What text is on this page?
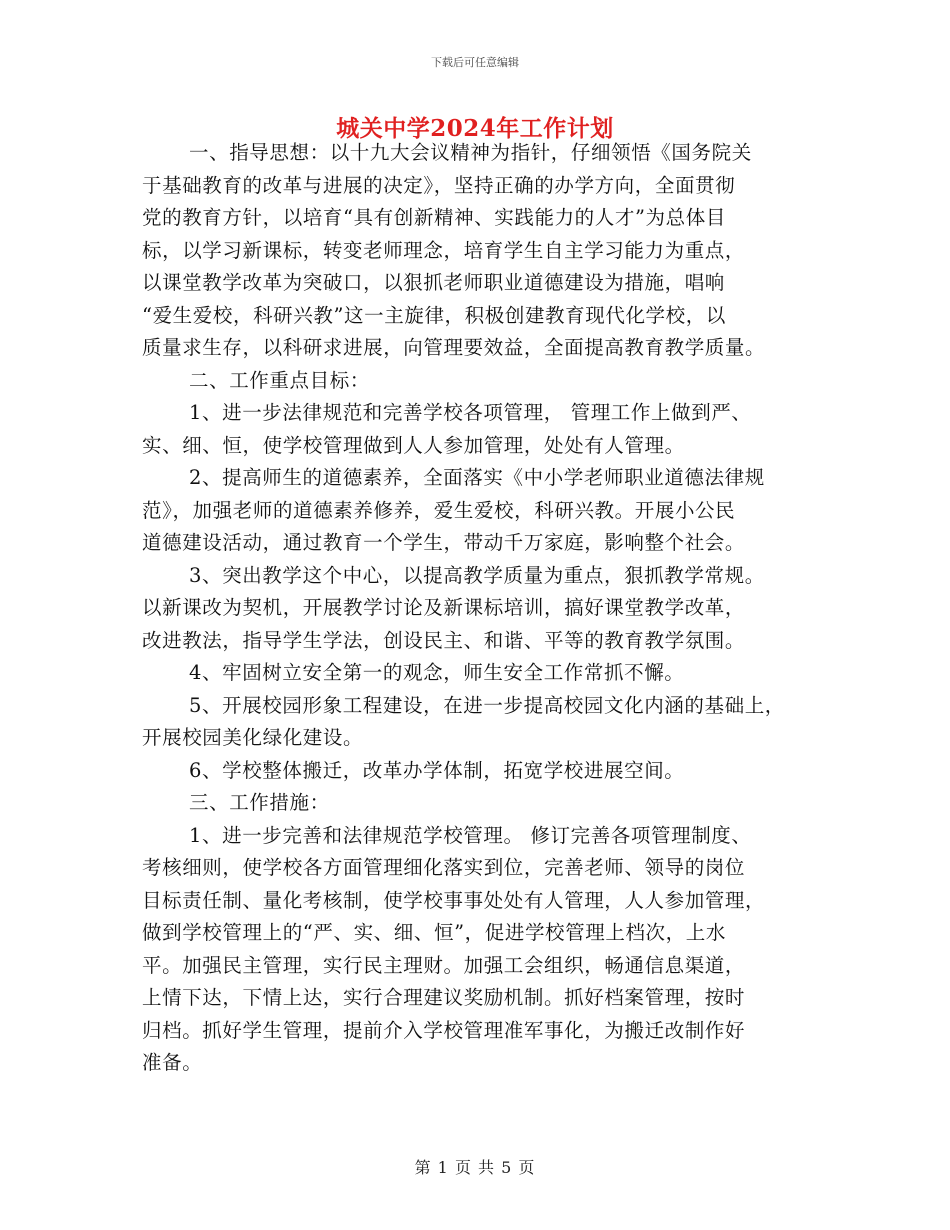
下载后可任意编辑
城关中学2024年工作计划
一、指导思想：以十九大会议精神为指针，仔细领悟《国务院关
于基础教育的改革与进展的决定》，坚持正确的办学方向，全面贯彻
党的教育方针，以培育“具有创新精神、实践能力的人才”为总体目
标，以学习新课标，转变老师理念，培育学生自主学习能力为重点，
以课堂教学改革为突破口，以狠抓老师职业道德建设为措施，唱响
“爱生爱校，科研兴教”这一主旋律，积极创建教育现代化学校，以
质量求生存，以科研求进展，向管理要效益，全面提高教育教学质量。
二、工作重点目标：
1、进一步法律规范和完善学校各项管理， 管理工作上做到严、
实、细、恒，使学校管理做到人人参加管理，处处有人管理。
2、提高师生的道德素养，全面落实《中小学老师职业道德法律规
范》，加强老师的道德素养修养，爱生爱校，科研兴教。开展小公民
道德建设活动，通过教育一个学生，带动千万家庭，影响整个社会。
3、突出教学这个中心，以提高教学质量为重点，狠抓教学常规。
以新课改为契机，开展教学讨论及新课标培训，搞好课堂教学改革，
改进教法，指导学生学法，创设民主、和谐、平等的教育教学氛围。
4、牢固树立安全第一的观念，师生安全工作常抓不懈。
5、开展校园形象工程建设，在进一步提高校园文化内涵的基础上，
开展校园美化绿化建设。
6、学校整体搬迁，改革办学体制，拓宽学校进展空间。
三、工作措施：
1、进一步完善和法律规范学校管理。 修订完善各项管理制度、
考核细则，使学校各方面管理细化落实到位，完善老师、领导的岗位
目标责任制、量化考核制，使学校事事处处有人管理，人人参加管理，
做到学校管理上的“严、实、细、恒”，促进学校管理上档次，上水
平。加强民主管理，实行民主理财。加强工会组织，畅通信息渠道，
上情下达，下情上达，实行合理建议奖励机制。抓好档案管理，按时
归档。抓好学生管理，提前介入学校管理准军事化，为搬迁改制作好
准备。
第 1 页 共 5 页
